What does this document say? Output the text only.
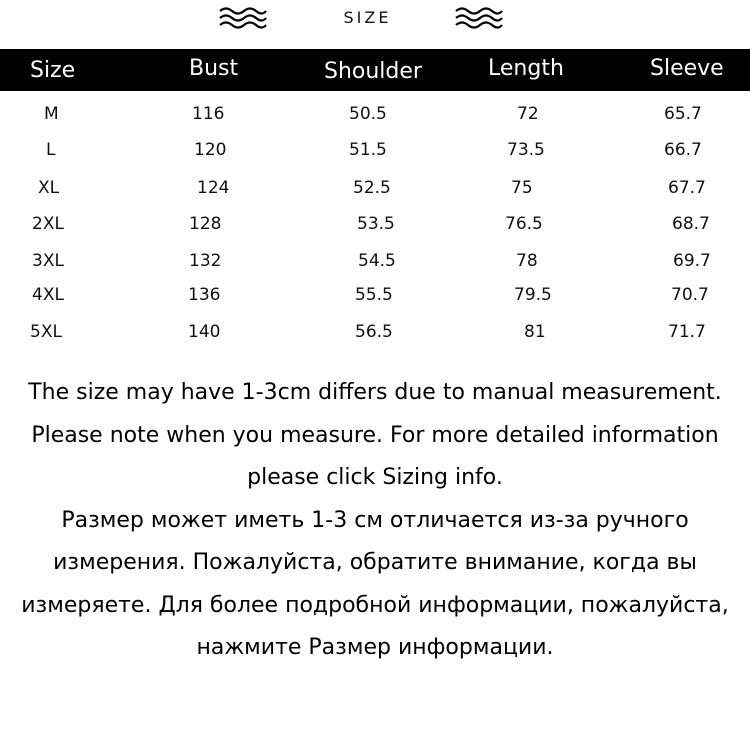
SIZE
Size	Bust	Shoulder	Length	Sleeve
M	116	50.5	72	65.7
L	120	51.5	73.5	66.7
XL	124	52.5	75	67.7
2XL	128	53.5	76.5	68.7
3XL	132	54.5	78	69.7
4XL	136	55.5	79.5	70.7
5XL	140	56.5	81	71.7

The size may have 1-3cm differs due to manual measurement. Please note when you measure. For more detailed information please click Sizing info.

Размер может иметь 1-3 см отличается из-за ручного измерения. Пожалуйста, обратите внимание, когда вы измеряете. Для более подробной информации, пожалуйста, нажмите Размер информации.
